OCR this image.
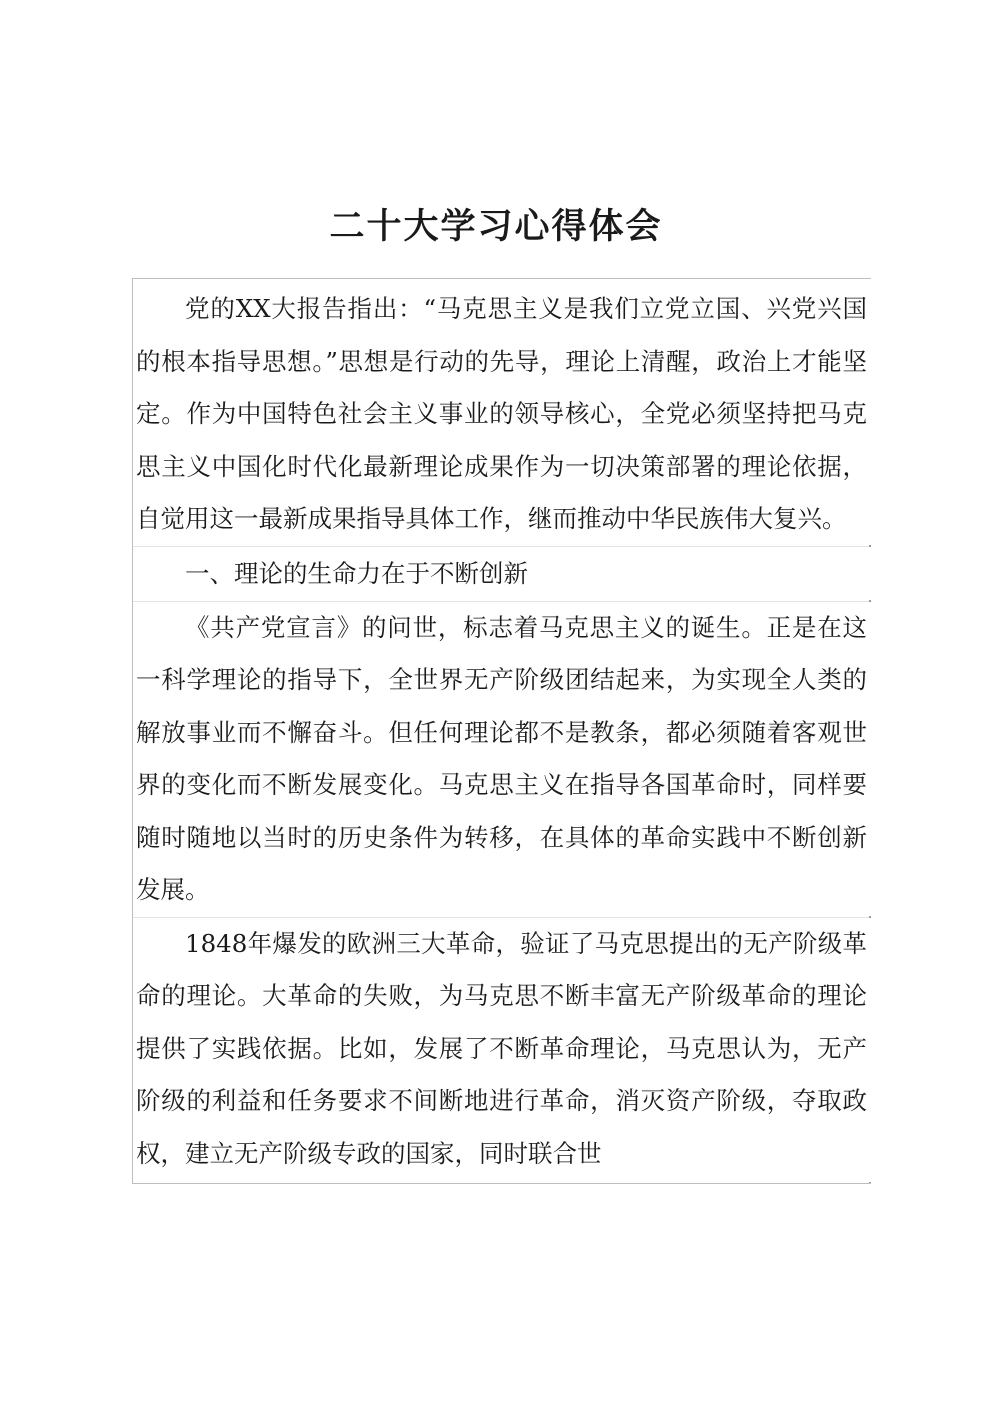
二十大学习心得体会

党的XX大报告指出：“马克思主义是我们立党立国、兴党兴国的根本指导思想。”思想是行动的先导，理论上清醒，政治上才能坚定。作为中国特色社会主义事业的领导核心，全党必须坚持把马克思主义中国化时代化最新理论成果作为一切决策部署的理论依据，自觉用这一最新成果指导具体工作，继而推动中华民族伟大复兴。

一、理论的生命力在于不断创新

《共产党宣言》的问世，标志着马克思主义的诞生。正是在这一科学理论的指导下，全世界无产阶级团结起来，为实现全人类的解放事业而不懈奋斗。但任何理论都不是教条，都必须随着客观世界的变化而不断发展变化。马克思主义在指导各国革命时，同样要随时随地以当时的历史条件为转移，在具体的革命实践中不断创新发展。

1848年爆发的欧洲三大革命，验证了马克思提出的无产阶级革命的理论。大革命的失败，为马克思不断丰富无产阶级革命的理论提供了实践依据。比如，发展了不断革命理论，马克思认为，无产阶级的利益和任务要求不间断地进行革命，消灭资产阶级，夺取政权，建立无产阶级专政的国家，同时联合世
